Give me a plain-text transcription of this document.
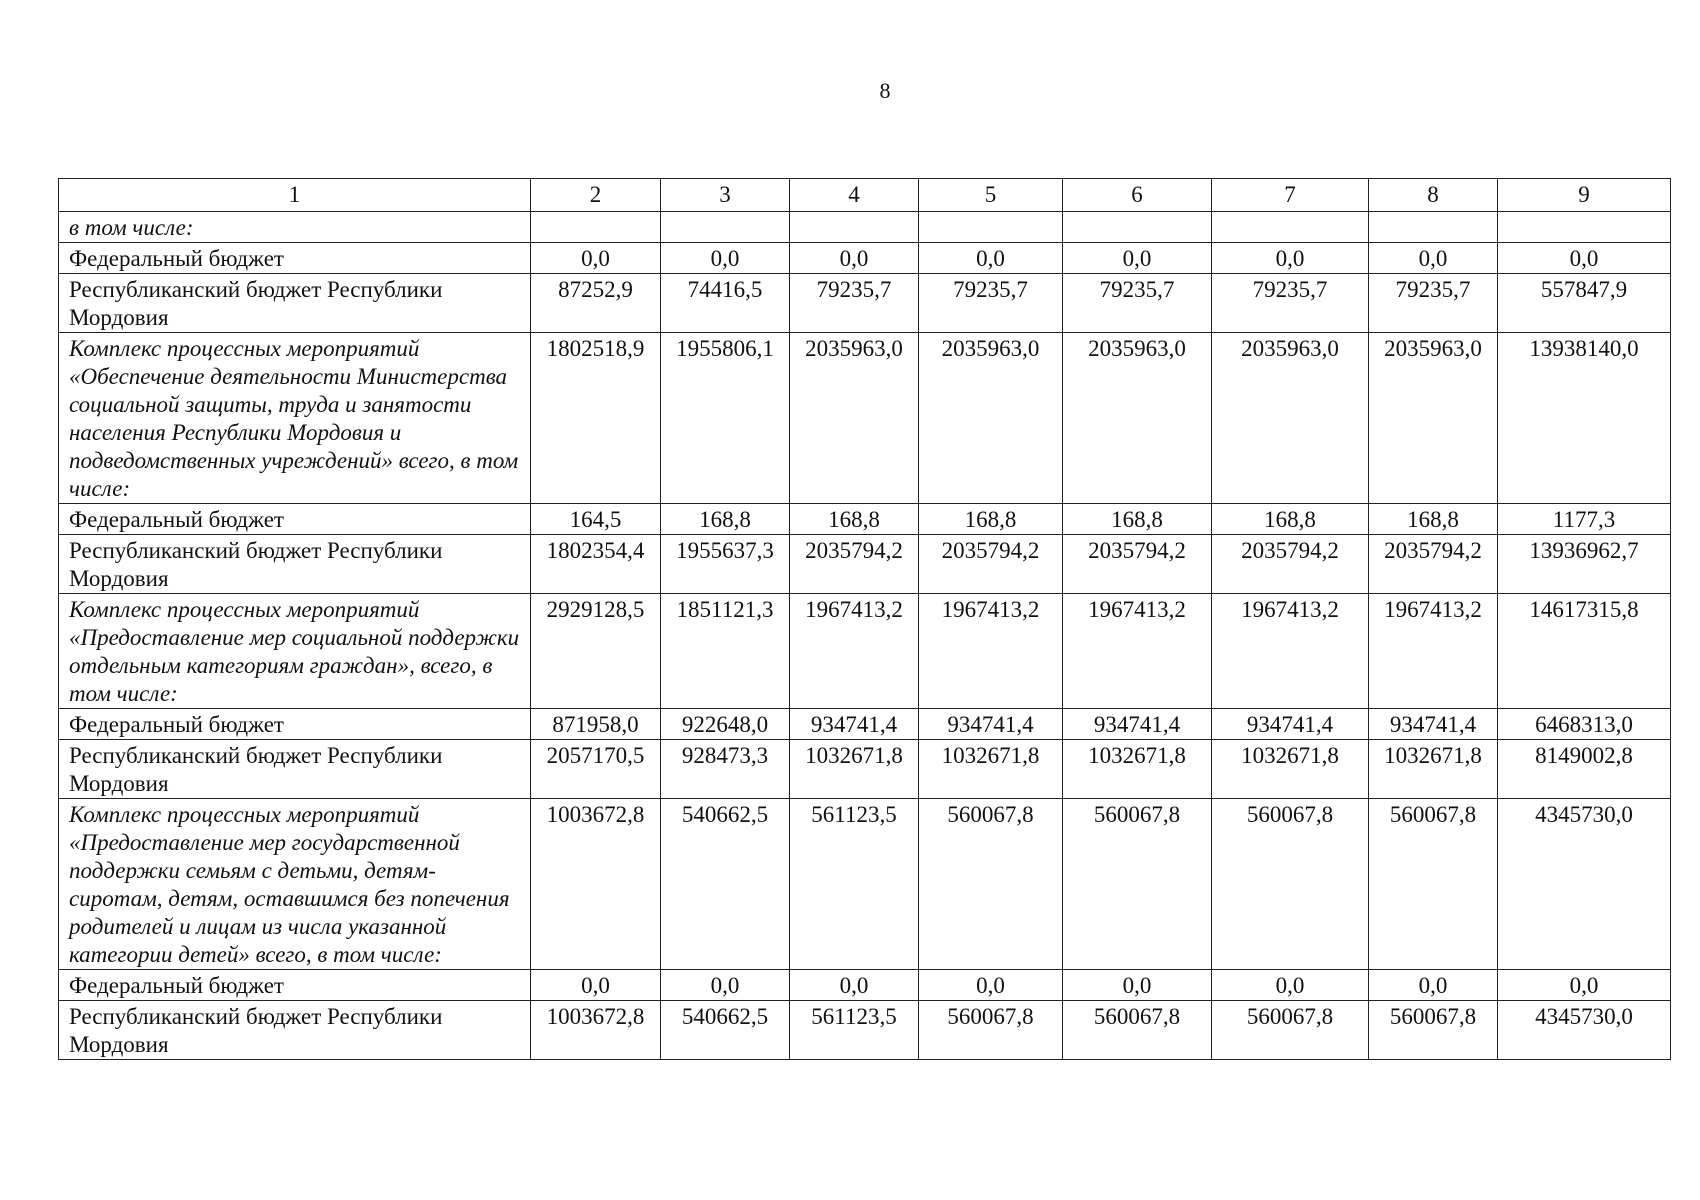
8
1	2	3	4	5	6	7	8	9
в том числе:								
Федеральный бюджет	0,0	0,0	0,0	0,0	0,0	0,0	0,0	0,0
Республиканский бюджет Республики Мордовия	87252,9	74416,5	79235,7	79235,7	79235,7	79235,7	79235,7	557847,9
Комплекс процессных мероприятий «Обеспечение деятельности Министерства социальной защиты, труда и занятости населения Республики Мордовия и подведомственных учреждений» всего, в том числе:	1802518,9	1955806,1	2035963,0	2035963,0	2035963,0	2035963,0	2035963,0	13938140,0
Федеральный бюджет	164,5	168,8	168,8	168,8	168,8	168,8	168,8	1177,3
Республиканский бюджет Республики Мордовия	1802354,4	1955637,3	2035794,2	2035794,2	2035794,2	2035794,2	2035794,2	13936962,7
Комплекс процессных мероприятий «Предоставление мер социальной поддержки отдельным категориям граждан», всего, в том числе:	2929128,5	1851121,3	1967413,2	1967413,2	1967413,2	1967413,2	1967413,2	14617315,8
Федеральный бюджет	871958,0	922648,0	934741,4	934741,4	934741,4	934741,4	934741,4	6468313,0
Республиканский бюджет Республики Мордовия	2057170,5	928473,3	1032671,8	1032671,8	1032671,8	1032671,8	1032671,8	8149002,8
Комплекс процессных мероприятий «Предоставление мер государственной поддержки семьям с детьми, детям-сиротам, детям, оставшимся без попечения родителей и лицам из числа указанной категории детей» всего, в том числе:	1003672,8	540662,5	561123,5	560067,8	560067,8	560067,8	560067,8	4345730,0
Федеральный бюджет	0,0	0,0	0,0	0,0	0,0	0,0	0,0	0,0
Республиканский бюджет Республики Мордовия	1003672,8	540662,5	561123,5	560067,8	560067,8	560067,8	560067,8	4345730,0
